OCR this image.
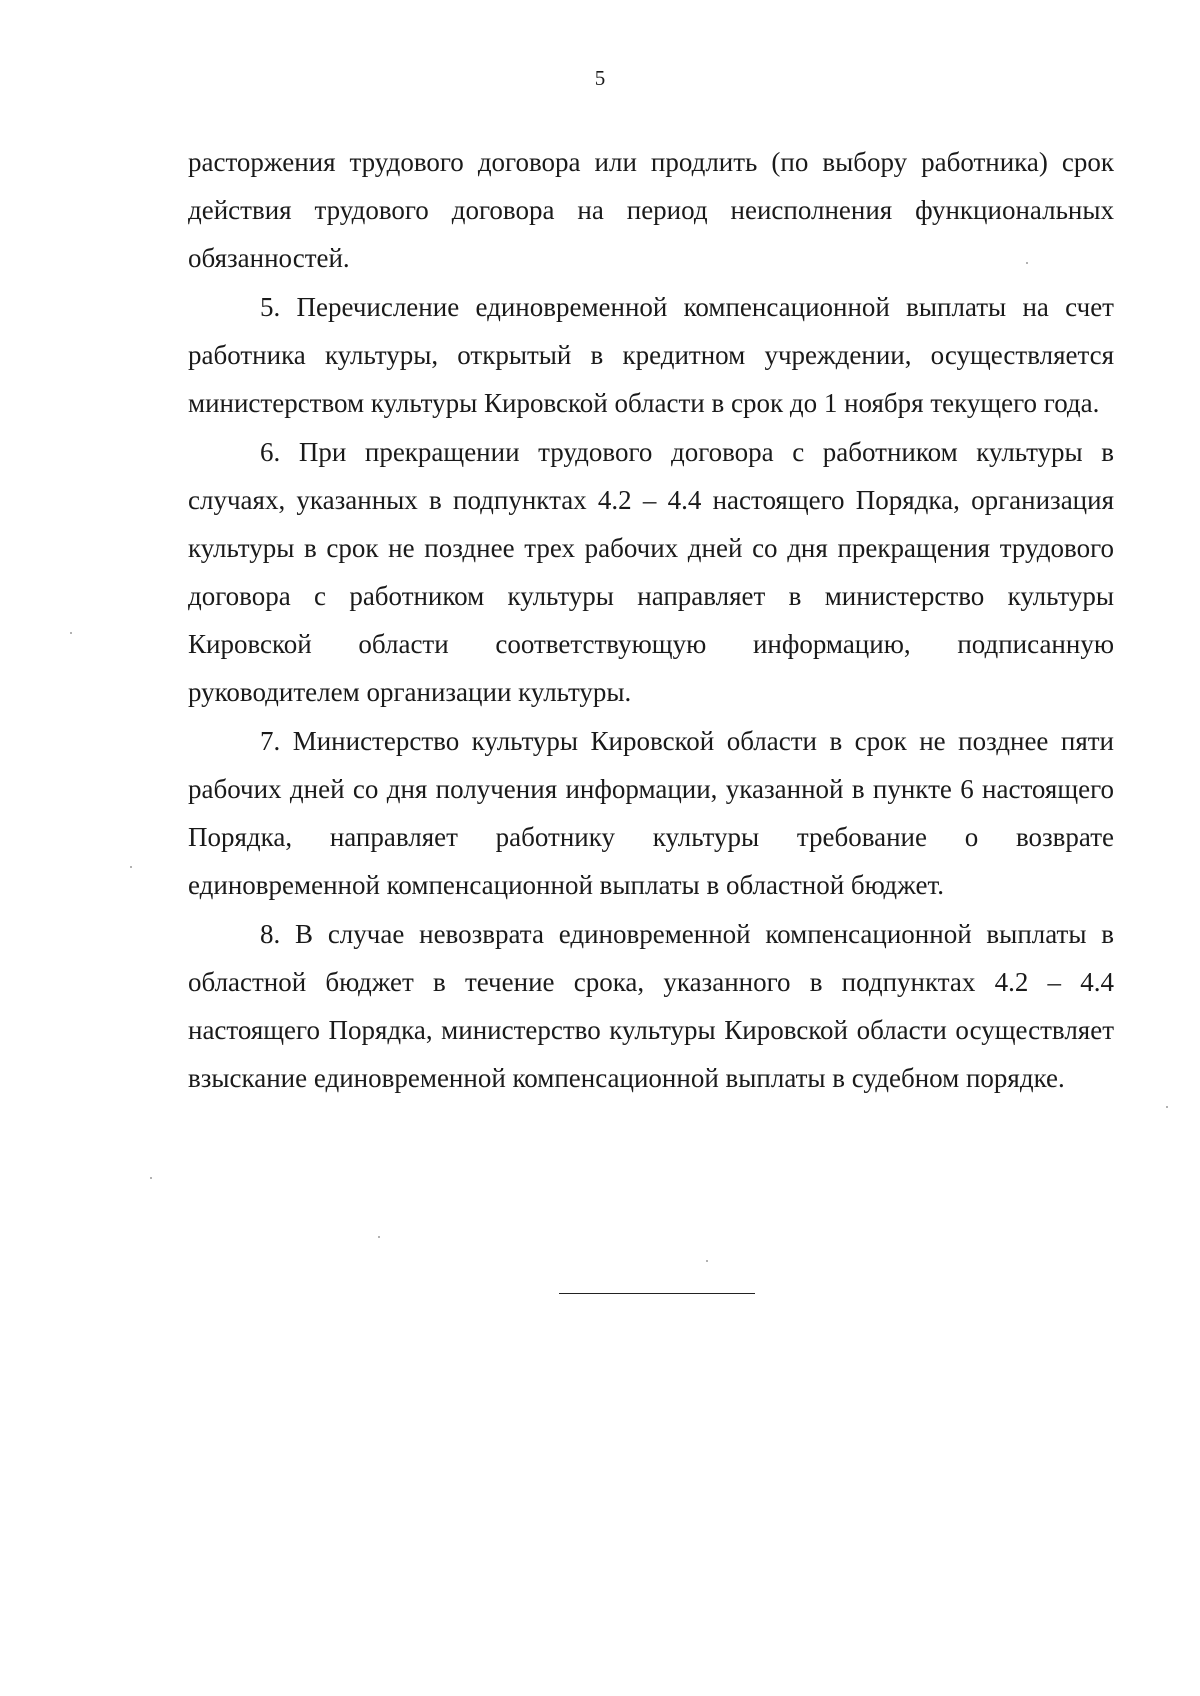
5

расторжения трудового договора или продлить (по выбору работника) срок действия трудового договора на период неисполнения функциональных обязанностей.

5. Перечисление единовременной компенсационной выплаты на счет работника культуры, открытый в кредитном учреждении, осуществляется министерством культуры Кировской области в срок до 1 ноября текущего года.

6. При прекращении трудового договора с работником культуры в случаях, указанных в подпунктах 4.2 – 4.4 настоящего Порядка, организация культуры в срок не позднее трех рабочих дней со дня прекращения трудового договора с работником культуры направляет в министерство культуры Кировской области соответствующую информацию, подписанную руководителем организации культуры.

7. Министерство культуры Кировской области в срок не позднее пяти рабочих дней со дня получения информации, указанной в пункте 6 настоящего Порядка, направляет работнику культуры требование о возврате единовременной компенсационной выплаты в областной бюджет.

8. В случае невозврата единовременной компенсационной выплаты в областной бюджет в течение срока, указанного в подпунктах 4.2 – 4.4 настоящего Порядка, министерство культуры Кировской области осуществляет взыскание единовременной компенсационной выплаты в судебном порядке.
